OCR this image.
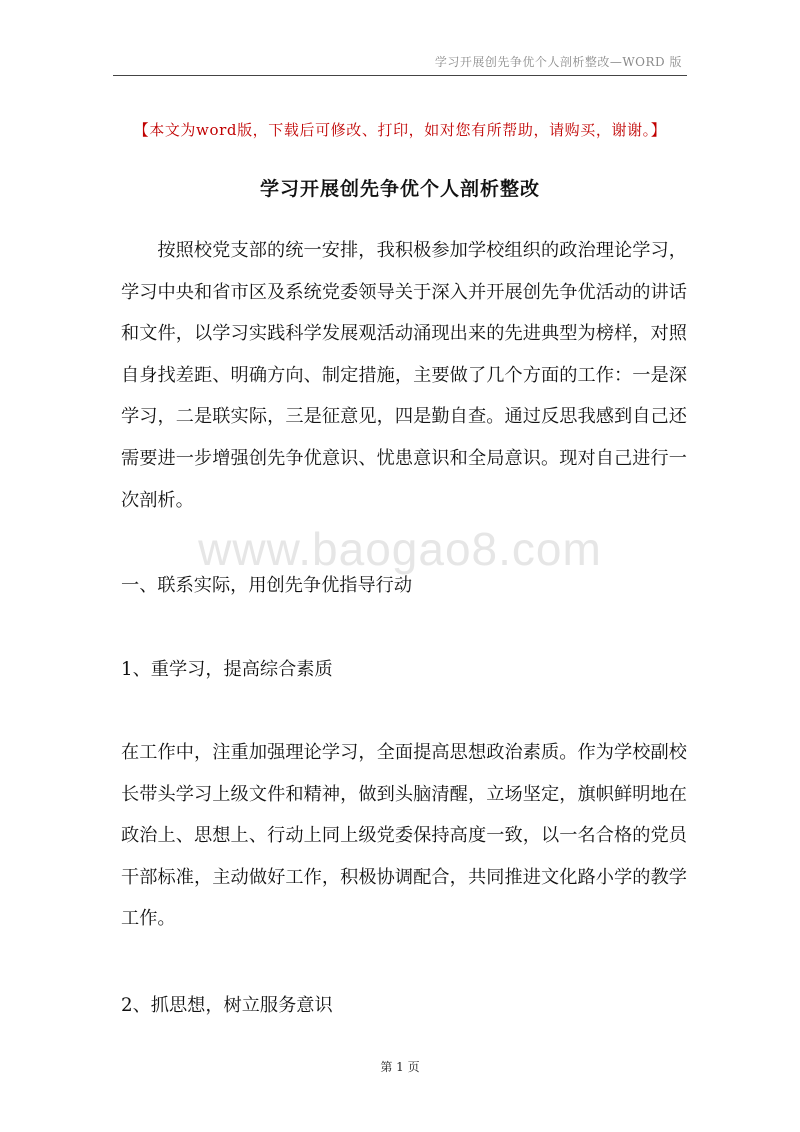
学习开展创先争优个人剖析整改—WORD 版
【本文为word版，下载后可修改、打印，如对您有所帮助，请购买，谢谢。】
学习开展创先争优个人剖析整改

按照校党支部的统一安排，我积极参加学校组织的政治理论学习，学习中央和省市区及系统党委领导关于深入并开展创先争优活动的讲话和文件，以学习实践科学发展观活动涌现出来的先进典型为榜样，对照自身找差距、明确方向、制定措施，主要做了几个方面的工作：一是深学习，二是联实际，三是征意见，四是勤自查。通过反思我感到自己还需要进一步增强创先争优意识、忧患意识和全局意识。现对自己进行一次剖析。

www.baogao8.com

一、联系实际，用创先争优指导行动

1、重学习，提高综合素质

在工作中，注重加强理论学习，全面提高思想政治素质。作为学校副校长带头学习上级文件和精神，做到头脑清醒，立场坚定，旗帜鲜明地在政治上、思想上、行动上同上级党委保持高度一致，以一名合格的党员干部标准，主动做好工作，积极协调配合，共同推进文化路小学的教学工作。

2、抓思想，树立服务意识

第 1 页
